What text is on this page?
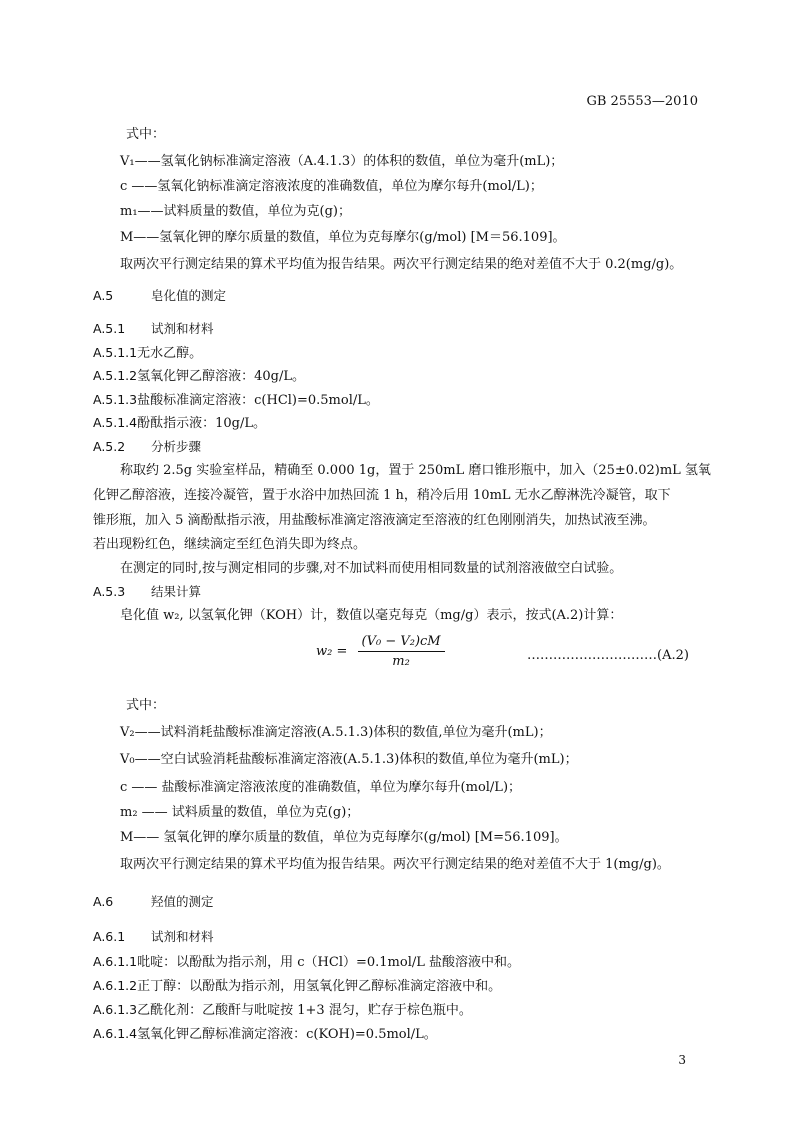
GB 25553—2010
式中：
V₁——氢氧化钠标准滴定溶液（A.4.1.3）的体积的数值，单位为毫升(mL)；
c ——氢氧化钠标准滴定溶液浓度的准确数值，单位为摩尔每升(mol/L)；
m₁——试料质量的数值，单位为克(g)；
M——氢氧化钾的摩尔质量的数值，单位为克每摩尔(g/mol) [M＝56.109]。
取两次平行测定结果的算术平均值为报告结果。两次平行测定结果的绝对差值不大于 0.2(mg/g)。
A.5	皂化值的测定
A.5.1 试剂和材料
A.5.1.1无水乙醇。
A.5.1.2氢氧化钾乙醇溶液：40g/L。
A.5.1.3盐酸标准滴定溶液：c(HCl)=0.5mol/L。
A.5.1.4酚酞指示液：10g/L。
A.5.2 分析步骤
称取约 2.5g 实验室样品，精确至 0.000 1g，置于 250mL 磨口锥形瓶中，加入（25±0.02)mL 氢氧
化钾乙醇溶液，连接冷凝管，置于水浴中加热回流 1 h，稍冷后用 10mL 无水乙醇淋洗冷凝管，取下
锥形瓶，加入 5 滴酚酞指示液，用盐酸标准滴定溶液滴定至溶液的红色刚刚消失，加热试液至沸。
若出现粉红色，继续滴定至红色消失即为终点。
在测定的同时,按与测定相同的步骤,对不加试料而使用相同数量的试剂溶液做空白试验。
A.5.3 结果计算
皂化值 w₂, 以氢氧化钾（KOH）计，数值以毫克每克（mg/g）表示，按式(A.2)计算：
$w_2 = \frac{\text{(V₀ − V₂)cM}}{\text{m₂}}$	…………………………(A.2)
式中：
V₂——试料消耗盐酸标准滴定溶液(A.5.1.3)体积的数值,单位为毫升(mL)；
V₀——空白试验消耗盐酸标准滴定溶液(A.5.1.3)体积的数值,单位为毫升(mL)；
c —— 盐酸标准滴定溶液浓度的准确数值，单位为摩尔每升(mol/L)；
m₂ —— 试料质量的数值，单位为克(g)；
M—— 氢氧化钾的摩尔质量的数值，单位为克每摩尔(g/mol) [M=56.109]。
取两次平行测定结果的算术平均值为报告结果。两次平行测定结果的绝对差值不大于 1(mg/g)。
A.6	羟值的测定
A.6.1 试剂和材料
A.6.1.1吡啶：以酚酞为指示剂，用 c（HCl）=0.1mol/L 盐酸溶液中和。
A.6.1.2正丁醇：以酚酞为指示剂，用氢氧化钾乙醇标准滴定溶液中和。
A.6.1.3乙酰化剂：乙酸酐与吡啶按 1+3 混匀，贮存于棕色瓶中。
A.6.1.4氢氧化钾乙醇标准滴定溶液：c(KOH)=0.5mol/L。
3
